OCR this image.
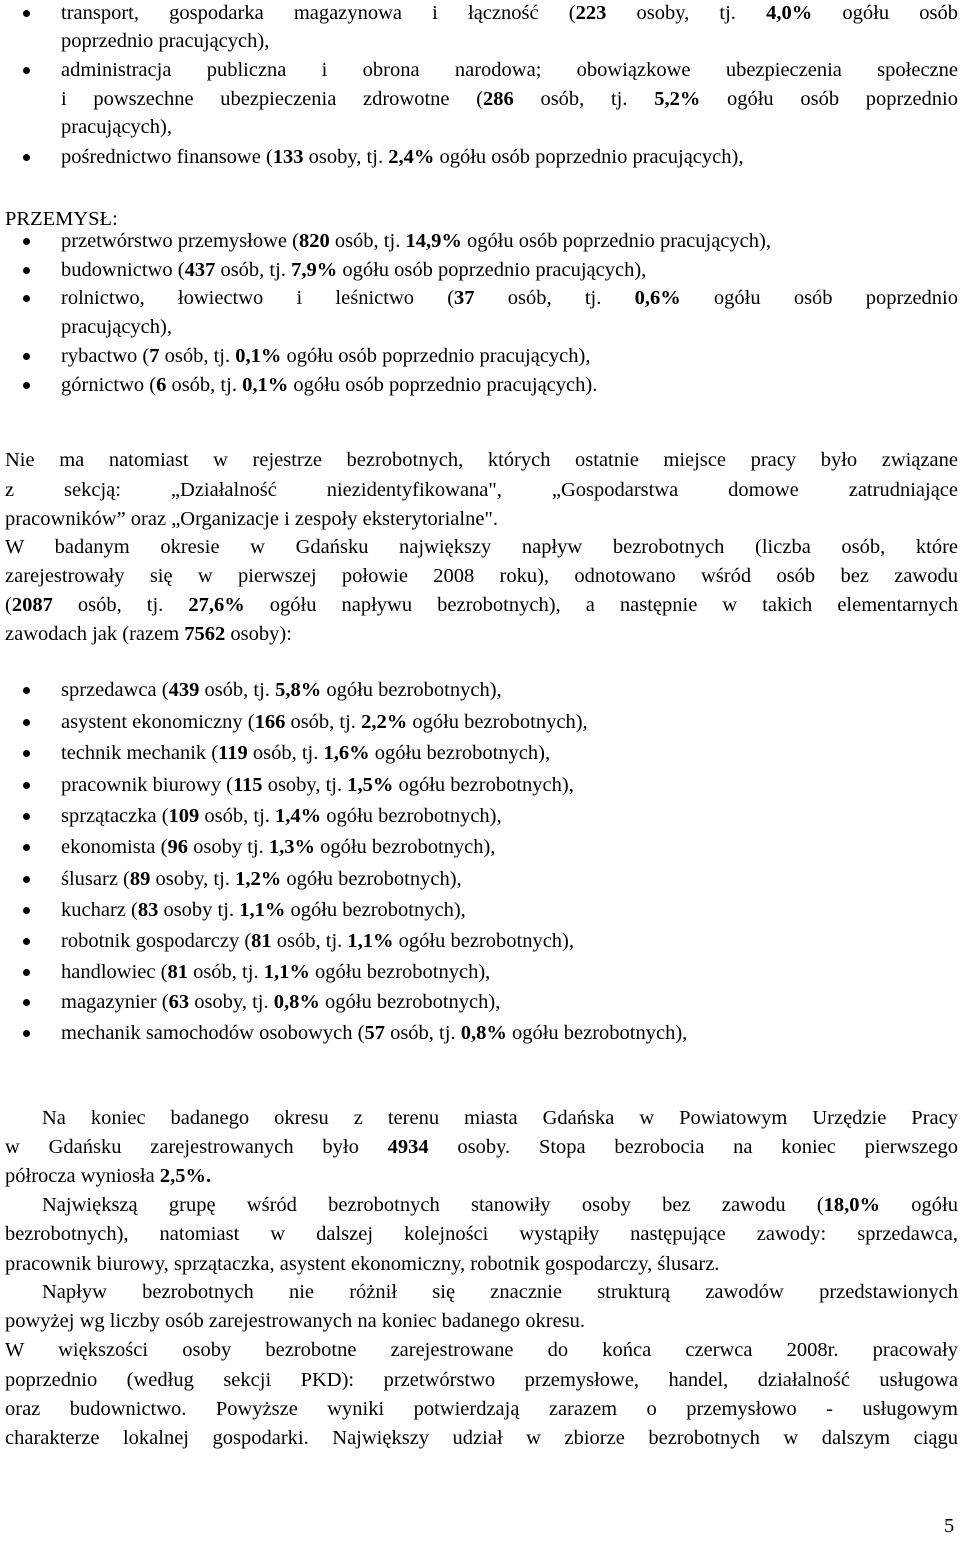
transport, gospodarka magazynowa i łączność (223 osoby, tj. 4,0% ogółu osób
poprzednio pracujących),
administracja publiczna i obrona narodowa; obowiązkowe ubezpieczenia społeczne
i powszechne ubezpieczenia zdrowotne (286 osób, tj. 5,2% ogółu osób poprzednio
pracujących),
pośrednictwo finansowe (133 osoby, tj. 2,4% ogółu osób poprzednio pracujących),
PRZEMYSŁ:
przetwórstwo przemysłowe (820 osób, tj. 14,9% ogółu osób poprzednio pracujących),
budownictwo (437 osób, tj. 7,9% ogółu osób poprzednio pracujących),
rolnictwo, łowiectwo i leśnictwo (37 osób, tj. 0,6% ogółu osób poprzednio
pracujących),
rybactwo (7 osób, tj. 0,1% ogółu osób poprzednio pracujących),
górnictwo (6 osób, tj. 0,1% ogółu osób poprzednio pracujących).
Nie ma natomiast w rejestrze bezrobotnych, których ostatnie miejsce pracy było związane
z sekcją: „Działalność niezidentyfikowana", „Gospodarstwa domowe zatrudniające
pracowników” oraz „Organizacje i zespoły eksterytorialne".
W badanym okresie w Gdańsku największy napływ bezrobotnych (liczba osób, które
zarejestrowały się w pierwszej połowie 2008 roku), odnotowano wśród osób bez zawodu
(2087 osób, tj. 27,6% ogółu napływu bezrobotnych), a następnie w takich elementarnych
zawodach jak (razem 7562 osoby):
sprzedawca (439 osób, tj. 5,8% ogółu bezrobotnych),
asystent ekonomiczny (166 osób, tj. 2,2% ogółu bezrobotnych),
technik mechanik (119 osób, tj. 1,6% ogółu bezrobotnych),
pracownik biurowy (115 osoby, tj. 1,5% ogółu bezrobotnych),
sprzątaczka (109 osób, tj. 1,4% ogółu bezrobotnych),
ekonomista (96 osoby tj. 1,3% ogółu bezrobotnych),
ślusarz (89 osoby, tj. 1,2% ogółu bezrobotnych),
kucharz (83 osoby tj. 1,1% ogółu bezrobotnych),
robotnik gospodarczy (81 osób, tj. 1,1% ogółu bezrobotnych),
handlowiec (81 osób, tj. 1,1% ogółu bezrobotnych),
magazynier (63 osoby, tj. 0,8% ogółu bezrobotnych),
mechanik samochodów osobowych (57 osób, tj. 0,8% ogółu bezrobotnych),
Na koniec badanego okresu z terenu miasta Gdańska w Powiatowym Urzędzie Pracy
w Gdańsku zarejestrowanych było 4934 osoby. Stopa bezrobocia na koniec pierwszego
półrocza wyniosła 2,5%.
Największą grupę wśród bezrobotnych stanowiły osoby bez zawodu (18,0% ogółu
bezrobotnych), natomiast w dalszej kolejności wystąpiły następujące zawody: sprzedawca,
pracownik biurowy, sprzątaczka, asystent ekonomiczny, robotnik gospodarczy, ślusarz.
Napływ bezrobotnych nie różnił się znacznie strukturą zawodów przedstawionych
powyżej wg liczby osób zarejestrowanych na koniec badanego okresu.
W większości osoby bezrobotne zarejestrowane do końca czerwca 2008r. pracowały
poprzednio (według sekcji PKD): przetwórstwo przemysłowe, handel, działalność usługowa
oraz budownictwo. Powyższe wyniki potwierdzają zarazem o przemysłowo - usługowym
charakterze lokalnej gospodarki. Największy udział w zbiorze bezrobotnych w dalszym ciągu
5
